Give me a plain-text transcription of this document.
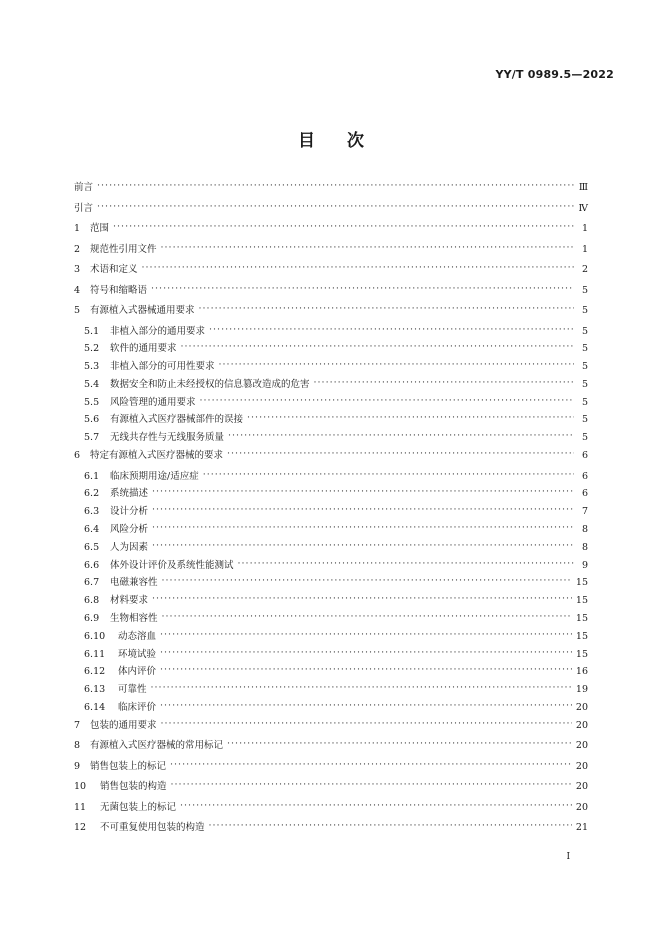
YY/T 0989.5—2022
目次
前言 ·····	Ⅲ
引言 ·····	Ⅳ
1	范围 ·····	1
2	规范性引用文件 ·····	1
3	术语和定义 ·····	2
4	符号和缩略语 ·····	5
5	有源植入式器械通用要求 ·····	5
5.1	非植入部分的通用要求 ·····	5
5.2	软件的通用要求 ·····	5
5.3	非植入部分的可用性要求 ·····	5
5.4	数据安全和防止未经授权的信息篡改造成的危害 ·····	5
5.5	风险管理的通用要求 ·····	5
5.6	有源植入式医疗器械部件的误接 ·····	5
5.7	无线共存性与无线服务质量 ·····	5
6	特定有源植入式医疗器械的要求 ·····	6
6.1	临床预期用途/适应症 ·····	6
6.2	系统描述 ·····	6
6.3	设计分析 ·····	7
6.4	风险分析 ·····	8
6.5	人为因素 ·····	8
6.6	体外设计评价及系统性能测试 ·····	9
6.7	电磁兼容性 ·····	15
6.8	材料要求 ·····	15
6.9	生物相容性 ·····	15
6.10	动态溶血 ·····	15
6.11	环境试验 ·····	15
6.12	体内评价 ·····	16
6.13	可靠性 ·····	19
6.14	临床评价 ·····	20
7	包装的通用要求 ·····	20
8	有源植入式医疗器械的常用标记 ·····	20
9	销售包装上的标记 ·····	20
10	销售包装的构造 ·····	20
11	无菌包装上的标记 ·····	20
12	不可重复使用包装的构造 ·····	21
I
